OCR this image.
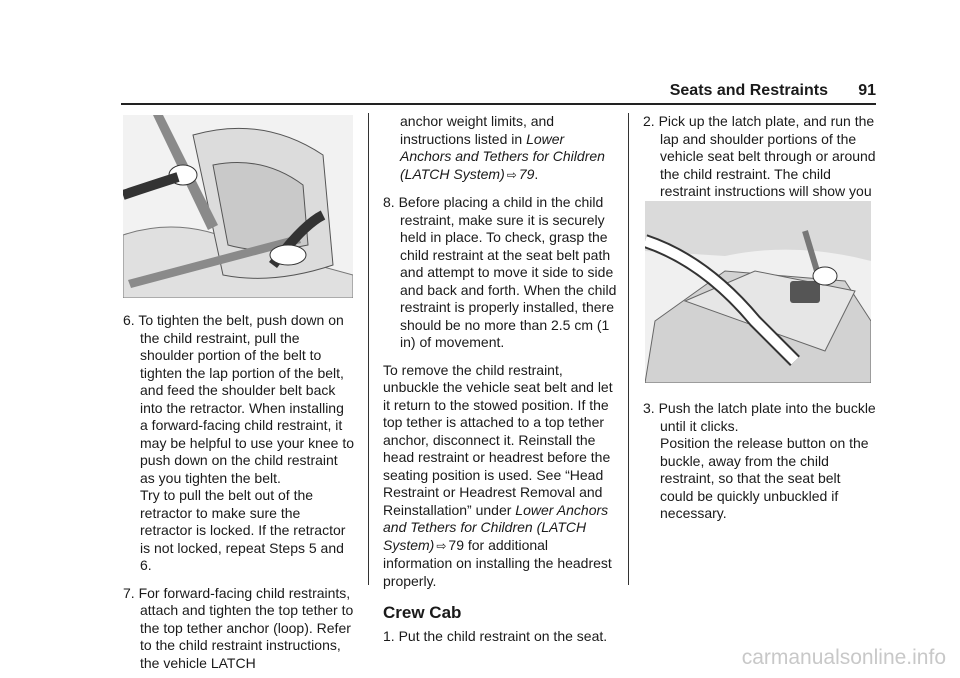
Seats and Restraints	91

6. To tighten the belt, push down on the child restraint, pull the shoulder portion of the belt to tighten the lap portion of the belt, and feed the shoulder belt back into the retractor. When installing a forward-facing child restraint, it may be helpful to use your knee to push down on the child restraint as you tighten the belt.

Try to pull the belt out of the retractor to make sure the retractor is locked. If the retractor is not locked, repeat Steps 5 and 6.

7. For forward-facing child restraints, attach and tighten the top tether to the top tether anchor (loop). Refer to the child restraint instructions, the vehicle LATCH

anchor weight limits, and instructions listed in Lower Anchors and Tethers for Children (LATCH System) ⇨ 79.

8. Before placing a child in the child restraint, make sure it is securely held in place. To check, grasp the child restraint at the seat belt path and attempt to move it side to side and back and forth. When the child restraint is properly installed, there should be no more than 2.5 cm (1 in) of movement.

To remove the child restraint, unbuckle the vehicle seat belt and let it return to the stowed position. If the top tether is attached to a top tether anchor, disconnect it. Reinstall the head restraint or headrest before the seating position is used. See “Head Restraint or Headrest Removal and Reinstallation” under Lower Anchors and Tethers for Children (LATCH System) ⇨ 79 for additional information on installing the headrest properly.

Crew Cab

1. Put the child restraint on the seat.

2. Pick up the latch plate, and run the lap and shoulder portions of the vehicle seat belt through or around the child restraint. The child restraint instructions will show you

3. Push the latch plate into the buckle until it clicks.

Position the release button on the buckle, away from the child restraint, so that the seat belt could be quickly unbuckled if necessary.

carmanualsonline.info
